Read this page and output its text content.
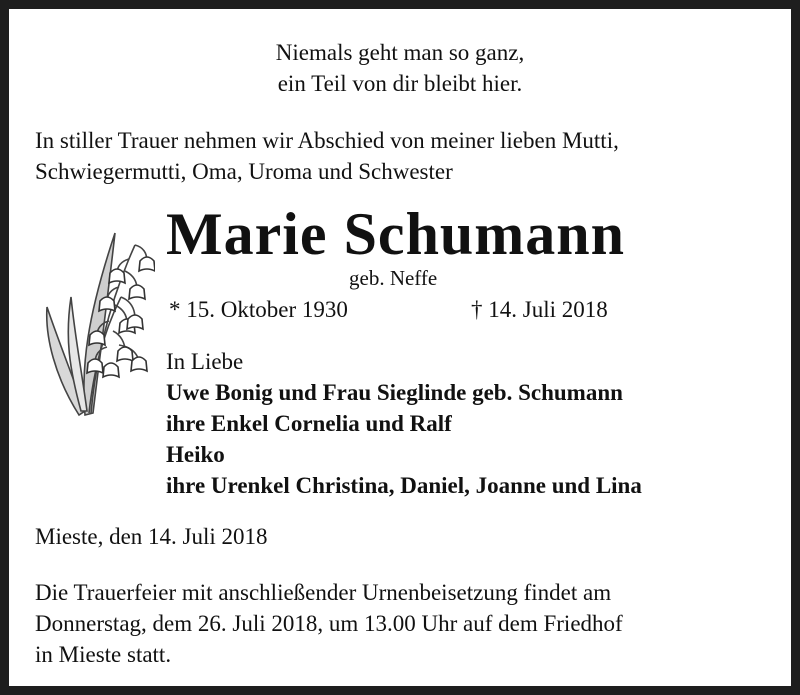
Niemals geht man so ganz,
ein Teil von dir bleibt hier.
In stiller Trauer nehmen wir Abschied von meiner lieben Mutti,
Schwiegermutti, Oma, Uroma und Schwester
Marie Schumann
geb. Neffe
* 15. Oktober 1930	† 14. Juli 2018
In Liebe
Uwe Bonig und Frau Sieglinde geb. Schumann
ihre Enkel Cornelia und Ralf
Heiko
ihre Urenkel Christina, Daniel, Joanne und Lina
Mieste, den 14. Juli 2018
Die Trauerfeier mit anschließender Urnenbeisetzung findet am
Donnerstag, dem 26. Juli 2018, um 13.00 Uhr auf dem Friedhof
in Mieste statt.
